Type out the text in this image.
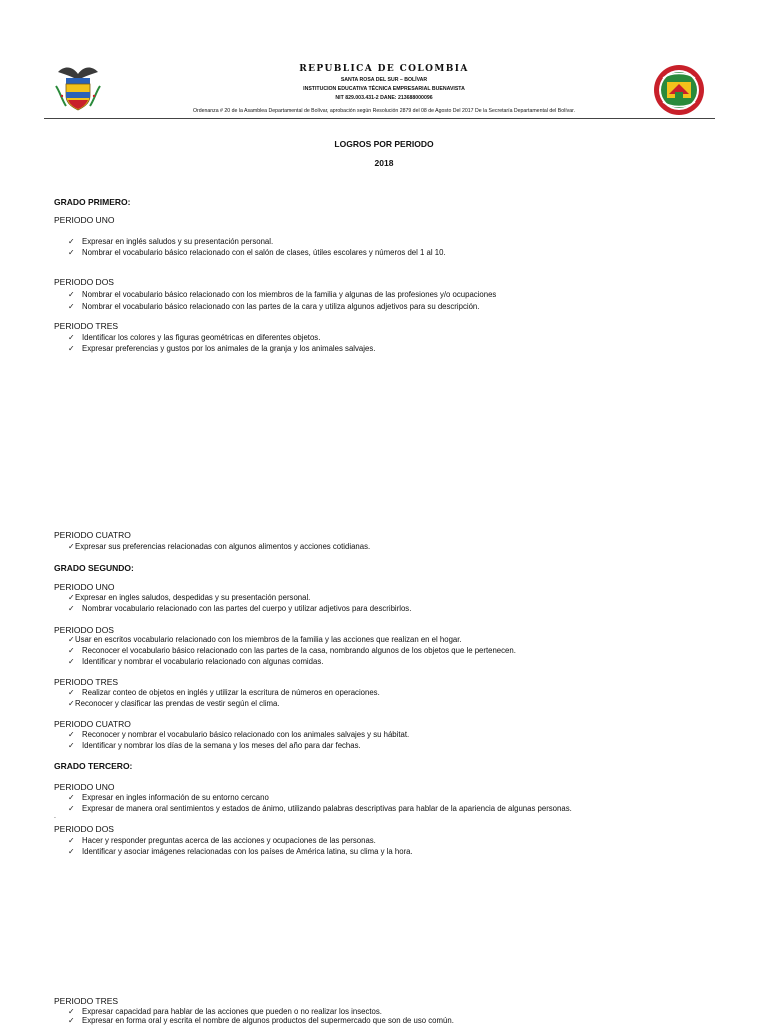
REPUBLICA DE COLOMBIA
SANTA ROSA DEL SUR – BOLÍVAR
INSTITUCION EDUCATIVA TÉCNICA EMPRESARIAL BUENAVISTA
NIT 829.003.431-2 DANE: 213688000096
Ordenanza # 20 de la Asamblea Departamental de Bolívar, aprobación según Resolución 2879 del 08 de Agosto Del 2017 De la Secretaría Departamental del Bolívar.
LOGROS POR PERIODO
2018
GRADO PRIMERO:
PERIODO UNO
✓ Expresar en inglés saludos y su presentación personal.
✓ Nombrar el vocabulario básico relacionado con el salón de clases, útiles escolares y números del 1 al 10.
PERIODO DOS
✓ Nombrar el vocabulario básico relacionado con los miembros de la familia y algunas de las profesiones y/o ocupaciones
✓ Nombrar el vocabulario básico relacionado con las partes de la cara y utiliza algunos adjetivos para su descripción.
PERIODO TRES
✓ Identificar los colores y las figuras geométricas en diferentes objetos.
✓ Expresar preferencias y gustos por los animales de la granja y los animales salvajes.
PERIODO CUATRO
✓Expresar sus preferencias relacionadas con algunos alimentos y acciones cotidianas.
GRADO SEGUNDO:
PERIODO UNO
✓Expresar en ingles saludos, despedidas y su presentación personal.
✓ Nombrar vocabulario relacionado con las partes del cuerpo y utilizar adjetivos para describirlos.
PERIODO DOS
✓Usar en escritos vocabulario relacionado con los miembros de la familia y las acciones que realizan en el hogar.
✓ Reconocer el vocabulario básico relacionado con las partes de la casa, nombrando algunos de los objetos que le pertenecen.
✓ Identificar y nombrar el vocabulario relacionado con algunas comidas.
PERIODO TRES
✓ Realizar conteo de objetos en inglés y utilizar la escritura de números en operaciones.
✓Reconocer y clasificar las prendas de vestir según el clima.
PERIODO CUATRO
✓ Reconocer y nombrar el vocabulario básico relacionado con los animales salvajes y su hábitat.
✓ Identificar y nombrar los días de la semana y los meses del año para dar fechas.
GRADO TERCERO:
PERIODO UNO
✓ Expresar en ingles información de su entorno cercano
✓ Expresar de manera oral sentimientos y estados de ánimo, utilizando palabras descriptivas para hablar de la apariencia de algunas personas.
.
PERIODO DOS
✓ Hacer y responder preguntas acerca de las acciones y ocupaciones de las personas.
✓ Identificar y asociar imágenes relacionadas con los países de América latina, su clima y la hora.
PERIODO TRES
✓ Expresar capacidad para hablar de las acciones que pueden o no realizar los insectos.
✓ Expresar en forma oral y escrita el nombre de algunos productos del supermercado que son de uso común.
